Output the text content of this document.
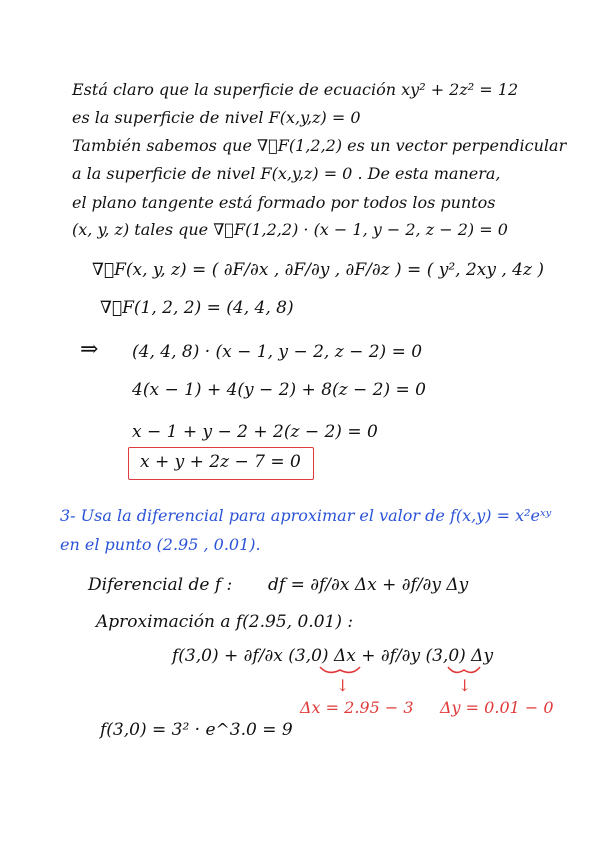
Está claro que la superficie de ecuación xy² + 2z² = 12
es la superficie de nivel F(x,y,z) = 0
También sabemos que ∇⃗F(1,2,2) es un vector perpendicular
a la superficie de nivel F(x,y,z) = 0 . De esta manera,
el plano tangente está formado por todos los puntos
(x, y, z) tales que ∇⃗F(1,2,2) · (x − 1, y − 2, z − 2) = 0
∇⃗F(x, y, z) = ( ∂F/∂x , ∂F/∂y , ∂F/∂z ) = ( y², 2xy , 4z )
∇⃗F(1, 2, 2) = (4, 4, 8)
⇒ (4, 4, 8) · (x − 1, y − 2, z − 2) = 0
4(x − 1) + 4(y − 2) + 8(z − 2) = 0
x − 1 + y − 2 + 2(z − 2) = 0
x + y + 2z − 7 = 0
3- Usa la diferencial para aproximar el valor de f(x,y) = x²eˣʸ
en el punto (2.95 , 0.01).
Diferencial de f : df = ∂f/∂x Δx + ∂f/∂y Δy
Aproximación a f(2.95, 0.01) :
f(3,0) + ∂f/∂x (3,0) Δx + ∂f/∂y (3,0) Δy
↓	↓
Δx = 2.95 − 3 Δy = 0.01 − 0
f(3,0) = 3² · e^3.0 = 9
